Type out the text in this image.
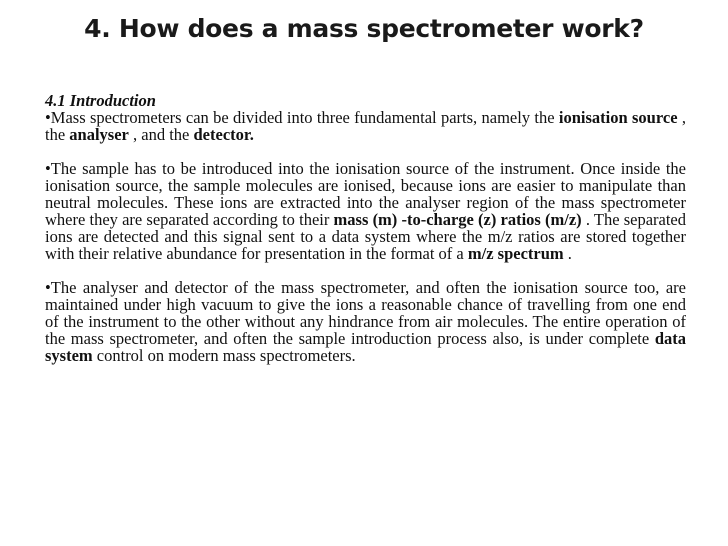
4. How does a mass spectrometer work?

4.1 Introduction

•Mass spectrometers can be divided into three fundamental parts, namely the ionisation source , the analyser , and the detector.

•The sample has to be introduced into the ionisation source of the instrument. Once inside the ionisation source, the sample molecules are ionised, because ions are easier to manipulate than neutral molecules. These ions are extracted into the analyser region of the mass spectrometer where they are separated according to their mass (m) -to-charge (z) ratios (m/z) . The separated ions are detected and this signal sent to a data system where the m/z ratios are stored together with their relative abundance for presentation in the format of a m/z spectrum .

•The analyser and detector of the mass spectrometer, and often the ionisation source too, are maintained under high vacuum to give the ions a reasonable chance of travelling from one end of the instrument to the other without any hindrance from air molecules. The entire operation of the mass spectrometer, and often the sample introduction process also, is under complete data system control on modern mass spectrometers.
